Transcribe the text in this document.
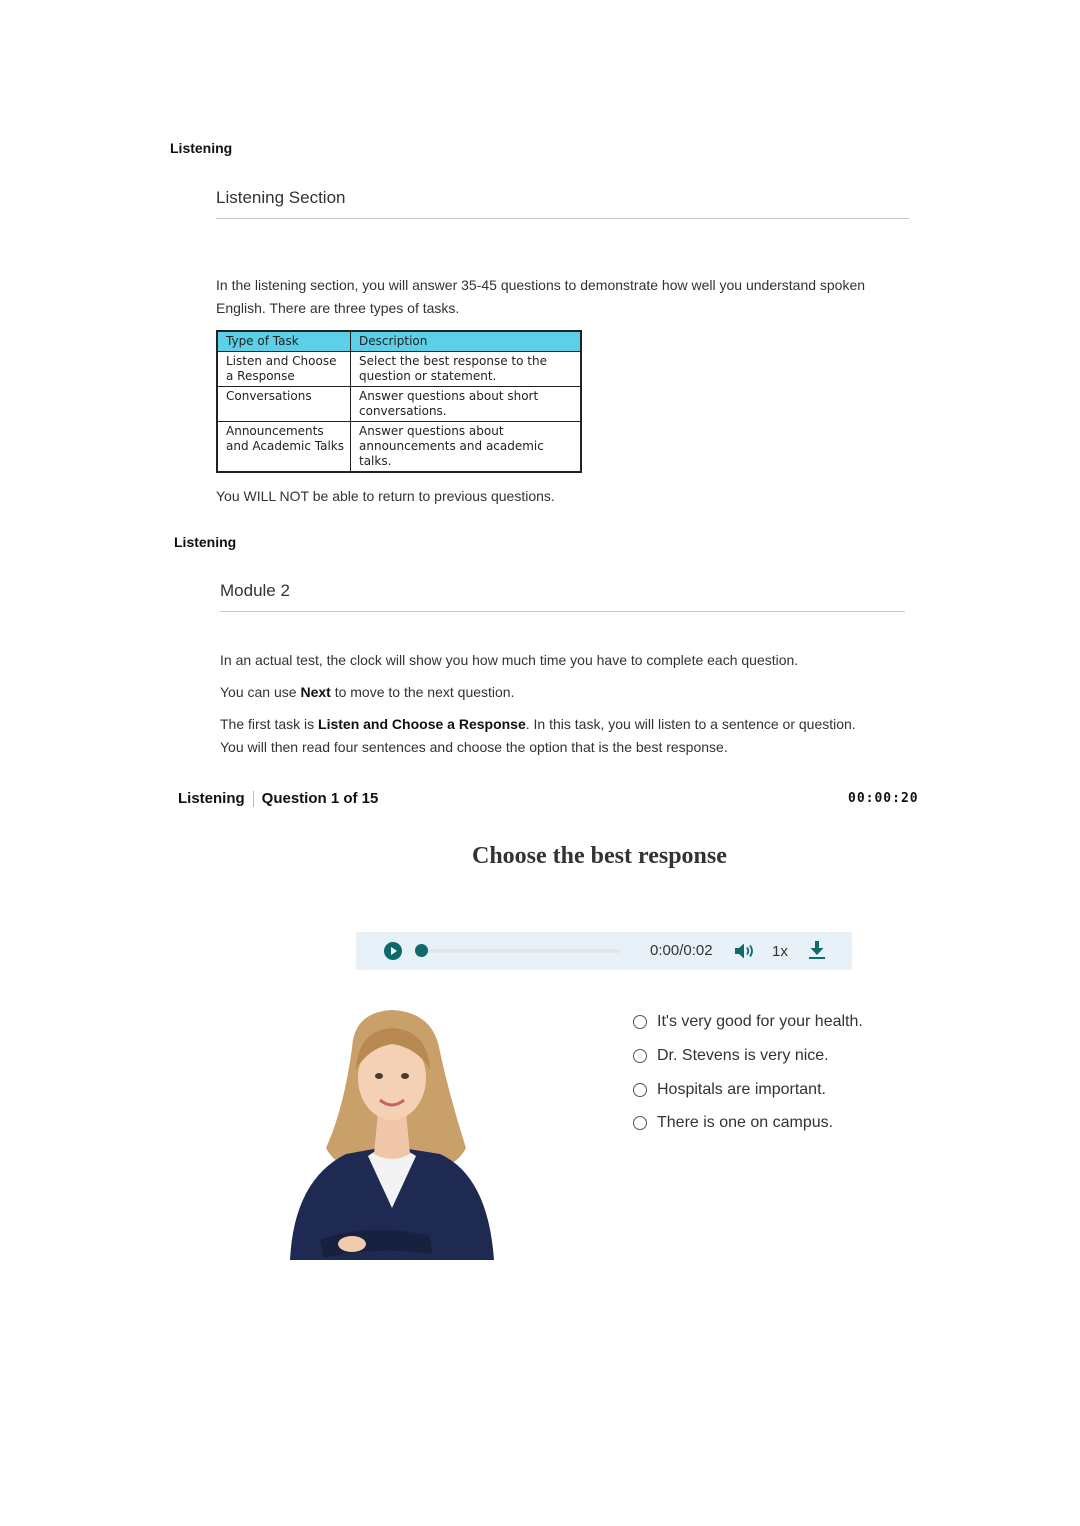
Listening
Listening Section
In the listening section, you will answer 35-45 questions to demonstrate how well you understand spoken English. There are three types of tasks.
Type of Task	Description
Listen and Choose a Response	Select the best response to the question or statement.
Conversations	Answer questions about short conversations.
Announcements and Academic Talks	Answer questions about announcements and academic talks.
You WILL NOT be able to return to previous questions.
Listening
Module 2
In an actual test, the clock will show you how much time you have to complete each question.
You can use Next to move to the next question.
The first task is Listen and Choose a Response. In this task, you will listen to a sentence or question. You will then read four sentences and choose the option that is the best response.
Listening Question 1 of 15	00:00:20
Choose the best response
0:00/0:02	1x
It's very good for your health.
Dr. Stevens is very nice.
Hospitals are important.
There is one on campus.
